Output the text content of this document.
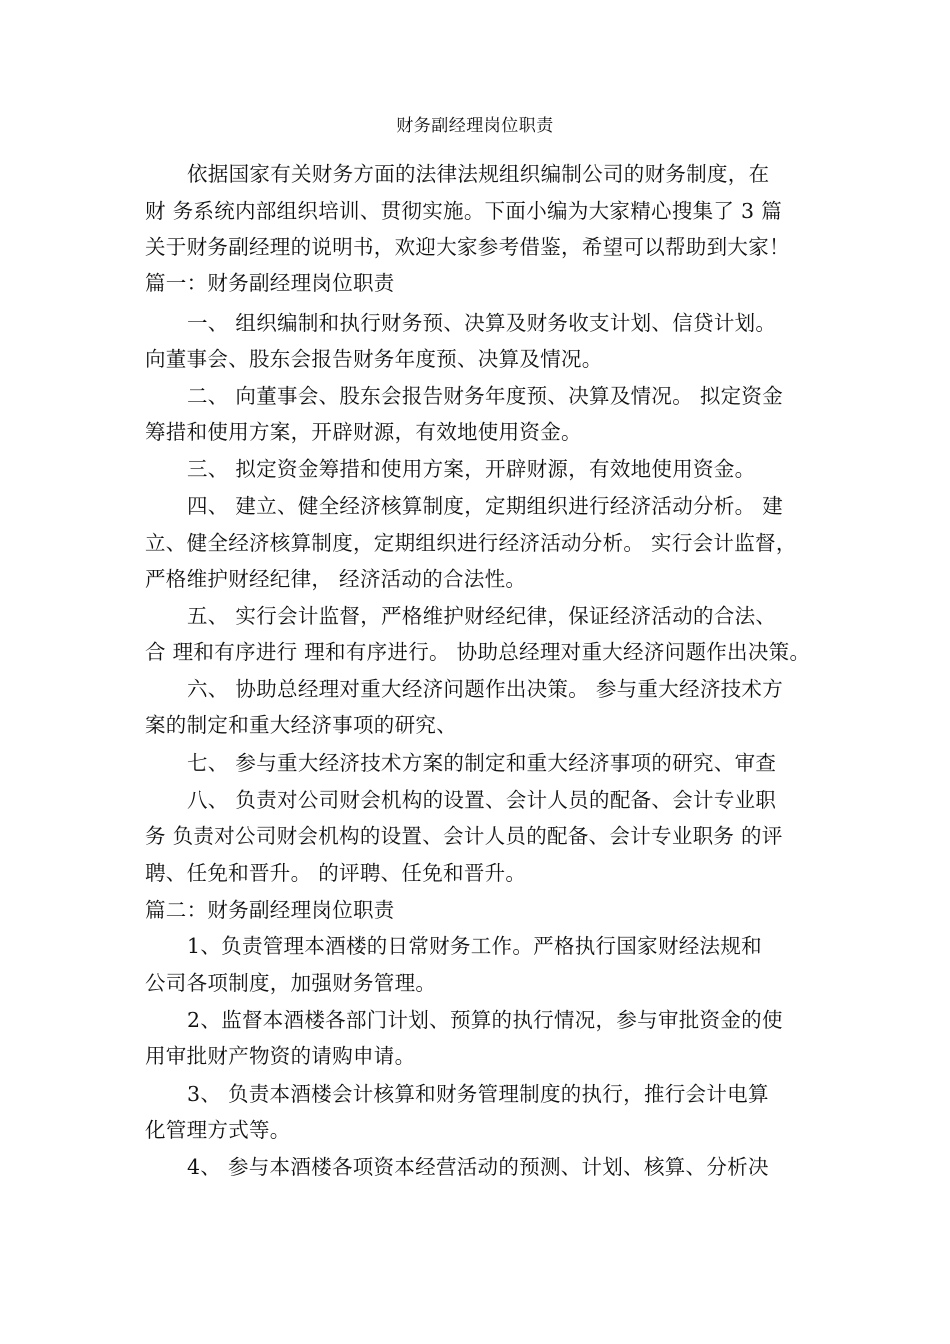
财务副经理岗位职责
依据国家有关财务方面的法律法规组织编制公司的财务制度，在
财 务系统内部组织培训、贯彻实施。下面小编为大家精心搜集了 3 篇
关于财务副经理的说明书，欢迎大家参考借鉴，希望可以帮助到大家！
篇一：财务副经理岗位职责
一、 组织编制和执行财务预、决算及财务收支计划、信贷计划。
向董事会、股东会报告财务年度预、决算及情况。
二、 向董事会、股东会报告财务年度预、决算及情况。 拟定资金
筹措和使用方案，开辟财源，有效地使用资金。
三、 拟定资金筹措和使用方案，开辟财源，有效地使用资金。
四、 建立、健全经济核算制度，定期组织进行经济活动分析。 建
立、健全经济核算制度，定期组织进行经济活动分析。 实行会计监督，
严格维护财经纪律， 经济活动的合法性。
五、 实行会计监督，严格维护财经纪律，保证经济活动的合法、
合 理和有序进行 理和有序进行。 协助总经理对重大经济问题作出决策。
六、 协助总经理对重大经济问题作出决策。 参与重大经济技术方
案的制定和重大经济事项的研究、
七、 参与重大经济技术方案的制定和重大经济事项的研究、审查
八、 负责对公司财会机构的设置、会计人员的配备、会计专业职
务 负责对公司财会机构的设置、会计人员的配备、会计专业职务 的评
聘、任免和晋升。 的评聘、任免和晋升。
篇二：财务副经理岗位职责
1、负责管理本酒楼的日常财务工作。严格执行国家财经法规和
公司各项制度，加强财务管理。
2、监督本酒楼各部门计划、预算的执行情况，参与审批资金的使
用审批财产物资的请购申请。
3、 负责本酒楼会计核算和财务管理制度的执行，推行会计电算
化管理方式等。
4、 参与本酒楼各项资本经营活动的预测、计划、核算、分析决
